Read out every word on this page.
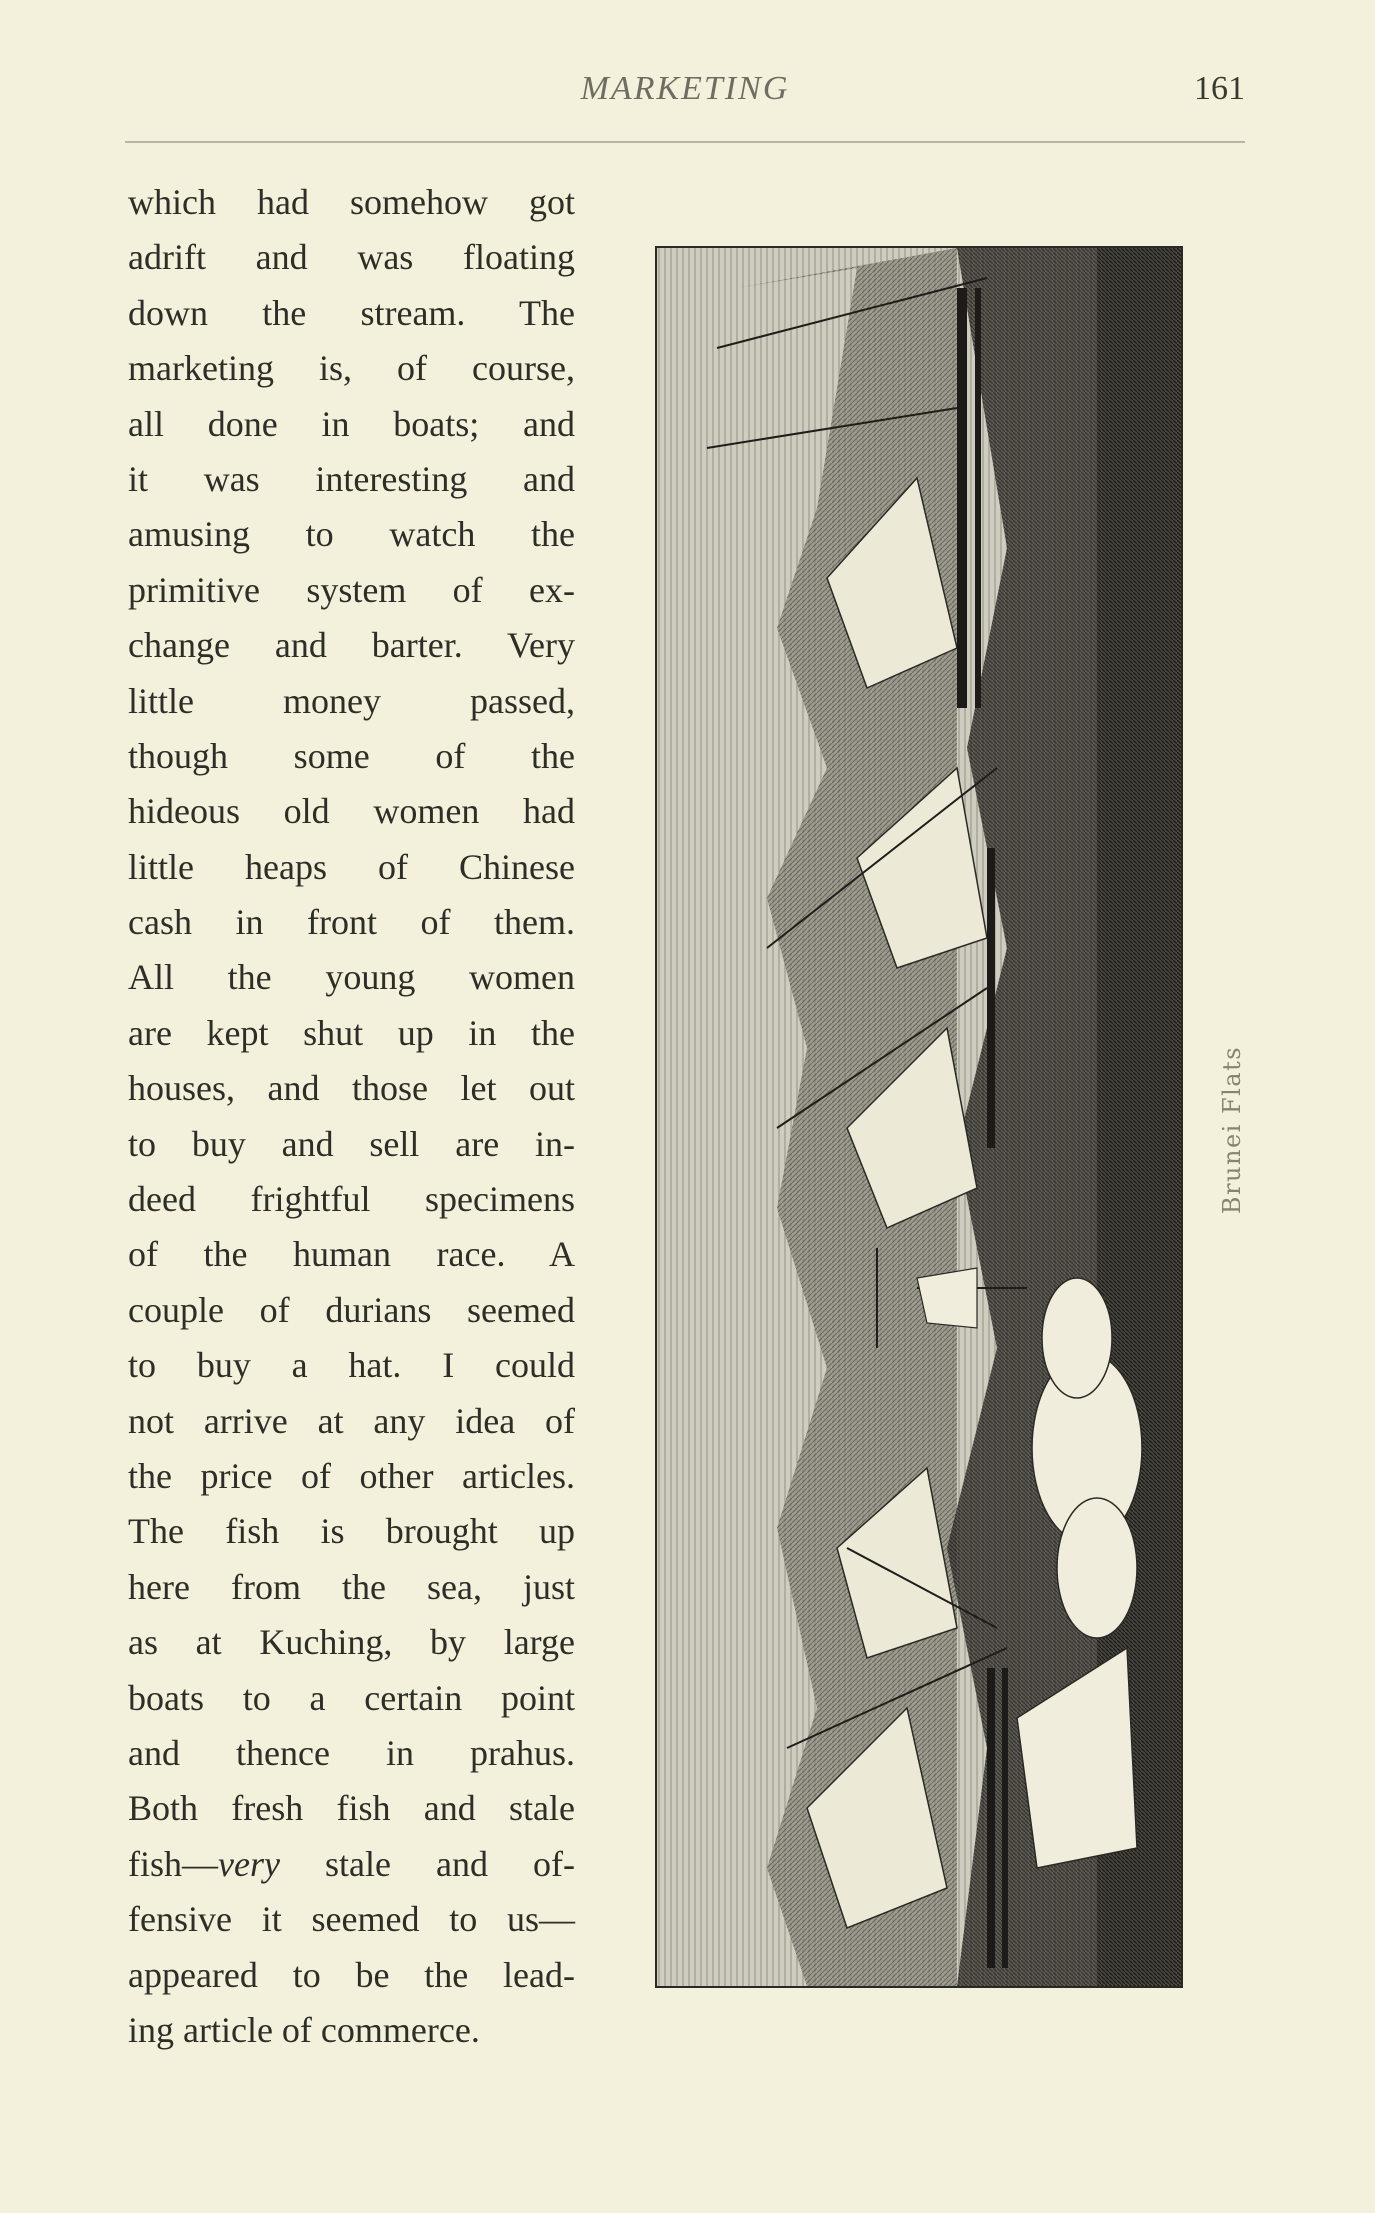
MARKETING	161
which had somehow got
adrift and was floating
down the stream. The
marketing is, of course,
all done in boats; and
it was interesting and
amusing to watch the
primitive system of ex-
change and barter. Very
little money passed,
though some of the
hideous old women had
little heaps of Chinese
cash in front of them.
All the young women
are kept shut up in the
houses, and those let out
to buy and sell are in-
deed frightful specimens
of the human race. A
couple of durians seemed
to buy a hat. I could
not arrive at any idea of
the price of other articles.
The fish is brought up
here from the sea, just
as at Kuching, by large
boats to a certain point
and thence in prahus.
Both fresh fish and stale
fish—very stale and of-
fensive it seemed to us—
appeared to be the lead-
ing article of commerce.
Brunei Flats
